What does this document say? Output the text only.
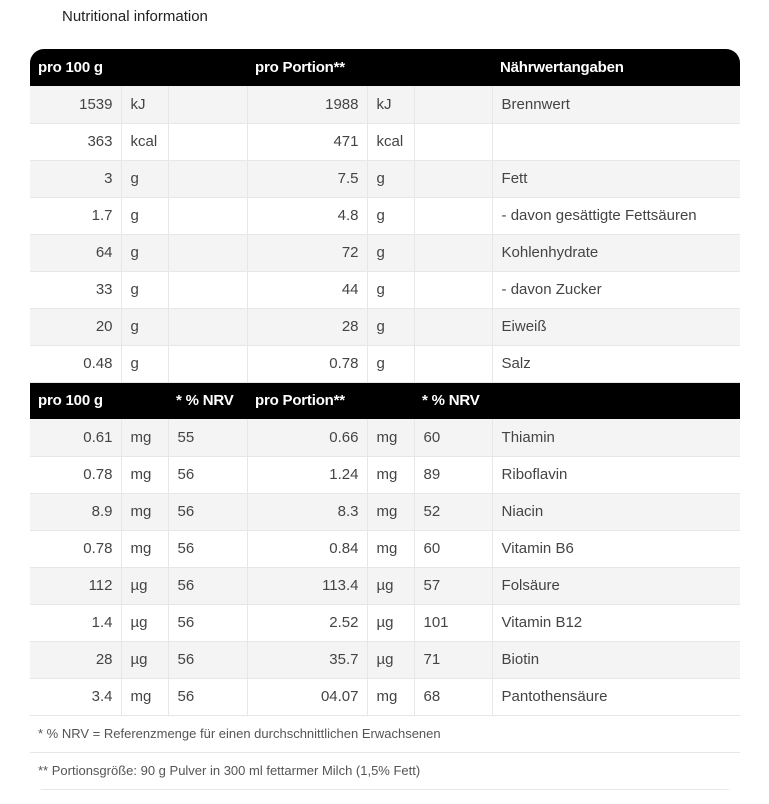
Nutritional information
pro 100 g			pro Portion**			Nährwertangaben
1539	kJ		1988	kJ		Brennwert
363	kcal		471	kcal		
3	g		7.5	g		Fett
1.7	g		4.8	g		- davon gesättigte Fettsäuren
64	g		72	g		Kohlenhydrate
33	g		44	g		- davon Zucker
20	g		28	g		Eiweiß
0.48	g		0.78	g		Salz
pro 100 g		* % NRV	pro Portion**		* % NRV	
0.61	mg	55	0.66	mg	60	Thiamin
0.78	mg	56	1.24	mg	89	Riboflavin
8.9	mg	56	8.3	mg	52	Niacin
0.78	mg	56	0.84	mg	60	Vitamin B6
112	µg	56	113.4	µg	57	Folsäure
1.4	µg	56	2.52	µg	101	Vitamin B12
28	µg	56	35.7	µg	71	Biotin
3.4	mg	56	04.07	mg	68	Pantothensäure
* % NRV = Referenzmenge für einen durchschnittlichen Erwachsenen						
** Portionsgröße: 90 g Pulver in 300 ml fettarmer Milch (1,5% Fett)						
